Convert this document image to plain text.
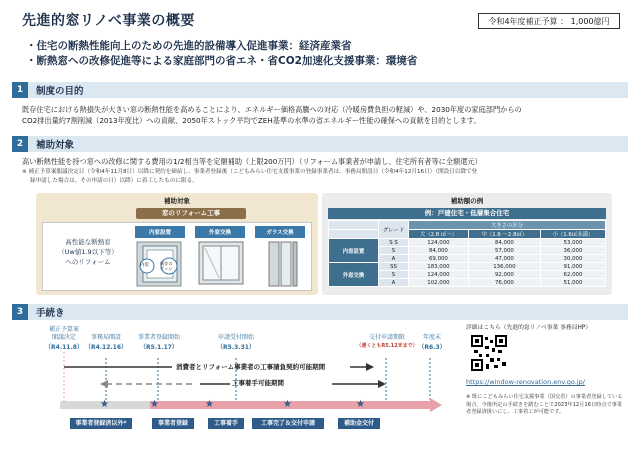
先進的窓リノベ事業の概要	令和4年度補正予算 ： 1,000億円
・住宅の断熱性能向上のための先進的設備導入促進事業：経済産業省
・断熱窓への改修促進等による家庭部門の省エネ・省CO2加速化支援事業：環境省
1	制度の目的
既存住宅における熱損失が大きい窓の断熱性能を高めることにより、エネルギー価格高騰への対応（冷暖房費負担の軽減）や、2030年度の家庭部門からの
CO2排出量約7割削減（2013年度比）への貢献、2050年ストック平均でZEH基準の水準の省エネルギー性能の確保への貢献を目的とします。
2	補助対象
高い断熱性能を持つ窓への改修に関する費用の1/2相当等を定額補助（上限200万円）（リフォーム事業者が申請し、住宅所有者等に全額還元）
※ 補正予算案閣議決定日（令和4年11月8日）以降に契約を締結し、事業者登録後（こどもみらい住宅支援事業の登録事業者は、事務局開設日（令和4年12月16日）（開設日以降で登
録申請した場合は、その申請の日）以降）に着工したものに限る。
補助対象
窓のリフォーム工事
高性能な断熱窓
（Uw値1.9以下等）
へのリフォーム
内窓設置
内窓	既存のサッシ
外窓交換	ガラス交換
補助額の例
例：戸建住宅・低層集合住宅
	グレード	大きさの区分		
		大（2.8 ㎡～）	中（1.6 ～2.8㎡）	小（1.6㎡未満）
内窓設置	S S	124,000	84,000	53,000
	S	84,000	57,000	36,000
	A	69,000	47,000	30,000
外窓交換	SS	183,000	136,000	91,000
	S	124,000	92,000	62,000
	A	102,000	76,000	51,000
3	手続き
補正予算案
閣議決定
（R4.11.8）
事務局開設
（R4.12.16）
事業者登録開始
（R5.1.17）
申請受付開始
（R5.3.31）
交付申請期限
（遅くともR5.12末まで）
年度末
（R6.3）
消費者とリフォーム事業者の工事請負契約可能期間
工事着手可能期間
★	★	★	★	★
事業者登録済以外*	事業者登録	工事着手	工事完了＆交付申請	補助金交付
詳細はこちら（先進的窓リノベ事業 事務局HP）
https://window-renovation.env.go.jp/
※ 既にこどもみらい住宅支援事業（国交省）の事業者登録している場合、今後所定の手続きを踏むことで2023年12月16日時点で事業者登録済扱いにし、工事着工が可能です。
